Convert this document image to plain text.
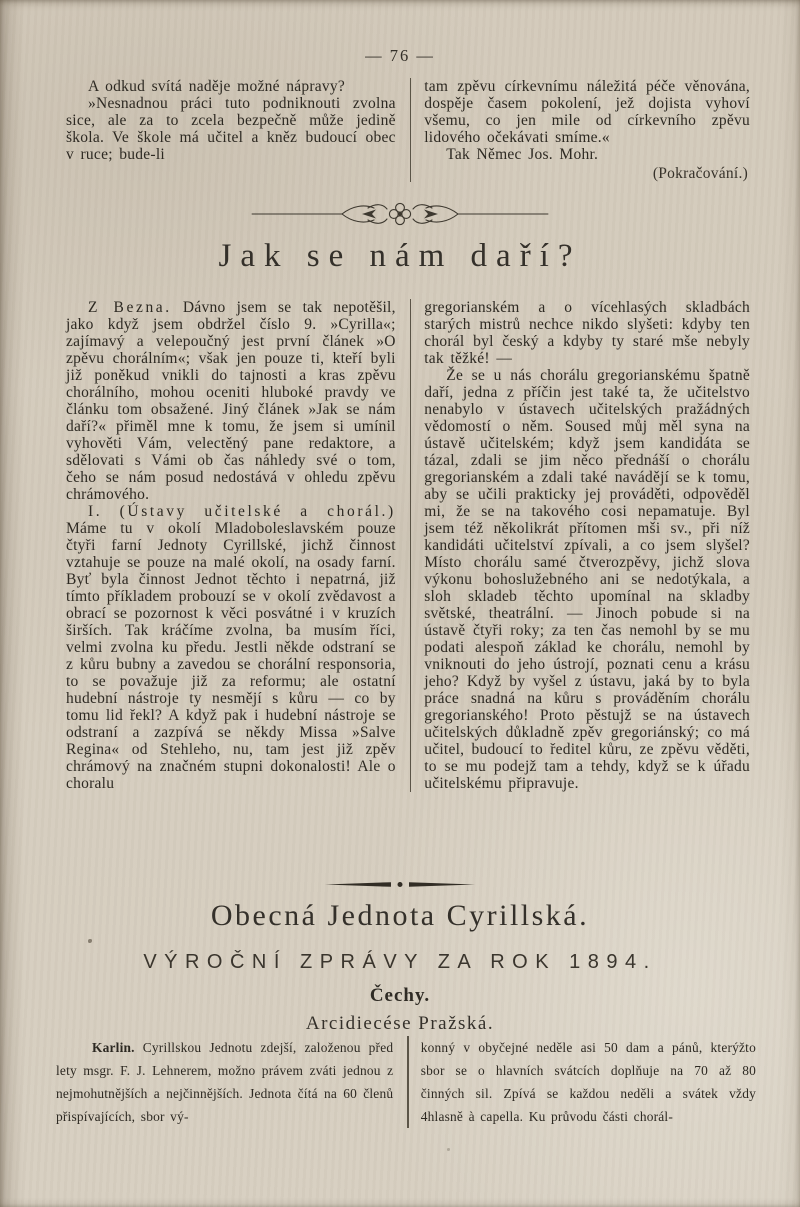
— 76 —

A odkud svítá naděje možné nápravy?

»Nesnadnou práci tuto podniknouti zvolna sice, ale za to zcela bezpečně může jedině škola. Ve škole má učitel a kněz budoucí obec v ruce; bude-li

tam zpěvu církevnímu náležitá péče věnována, dospěje časem pokolení, jež dojista vyhoví všemu, co jen mile od církevního zpěvu lidového očekávati smíme.«

Tak Němec Jos. Mohr.

(Pokračování.)

Jak se nám daří?

Z Bezna. Dávno jsem se tak nepotěšil, jako když jsem obdržel číslo 9. »Cyrilla«; zajímavý a velepoučný jest první článek »O zpěvu chorálním«; však jen pouze ti, kteří byli již poněkud vnikli do tajnosti a kras zpěvu chorálního, mohou oceniti hluboké pravdy ve článku tom obsažené. Jiný článek »Jak se nám daří?« přiměl mne k tomu, že jsem si umínil vyhověti Vám, velectěný pane redaktore, a sdělovati s Vámi ob čas náhledy své o tom, čeho se nám posud nedostává v ohledu zpěvu chrámového.

I. (Ústavy učitelské a chorál.) Máme tu v okolí Mladoboleslavském pouze čtyři farní Jednoty Cyrillské, jichž činnost vztahuje se pouze na malé okolí, na osady farní. Byť byla činnost Jednot těchto i nepatrná, již tímto příkladem probouzí se v okolí zvědavost a obrací se pozornost k věci posvátné i v kruzích širších. Tak kráčíme zvolna, ba musím říci, velmi zvolna ku předu. Jestli někde odstraní se z kůru bubny a zavedou se chorální responsoria, to se považuje již za reformu; ale ostatní hudební nástroje ty nesmějí s kůru — co by tomu lid řekl? A když pak i hudební nástroje se odstraní a zazpívá se někdy Missa »Salve Regina« od Stehleho, nu, tam jest již zpěv chrámový na značném stupni dokonalosti! Ale o choralu

gregorianském a o vícehlasých skladbách starých mistrů nechce nikdo slyšeti: kdyby ten chorál byl český a kdyby ty staré mše nebyly tak těžké! —

Že se u nás chorálu gregorianskému špatně daří, jedna z příčin jest také ta, že učitelstvo nenabylo v ústavech učitelských pražádných vědomostí o něm. Soused můj měl syna na ústavě učitelském; když jsem kandidáta se tázal, zdali se jim něco přednáší o chorálu gregorianském a zdali také navádějí se k tomu, aby se učili prakticky jej prováděti, odpověděl mi, že se na takového cosi nepamatuje. Byl jsem též několikrát přítomen mši sv., při níž kandidáti učitelství zpívali, a co jsem slyšel? Místo chorálu samé čtverozpěvy, jichž slova výkonu bohoslužebného ani se nedotýkala, a sloh skladeb těchto upomínal na skladby světské, theatrální. — Jinoch pobude si na ústavě čtyři roky; za ten čas nemohl by se mu podati alespoň základ ke chorálu, nemohl by vniknouti do jeho ústrojí, poznati cenu a krásu jeho? Když by vyšel z ústavu, jaká by to byla práce snadná na kůru s prováděním chorálu gregorianského! Proto pěstujž se na ústavech učitelských důkladně zpěv gregoriánský; co má učitel, budoucí to ředitel kůru, ze zpěvu věděti, to se mu podejž tam a tehdy, když se k úřadu učitelskému připravuje.

Obecná Jednota Cyrillská.
VÝROČNÍ ZPRÁVY ZA ROK 1894.
Čechy.
Arcidiecése Pražská.

Karlin. Cyrillskou Jednotu zdejší, založenou před lety msgr. F. J. Lehnerem, možno právem zváti jednou z nejmohutnějších a nejčinnějších. Jednota čítá na 60 členů přispívajících, sbor vý-

konný v obyčejné neděle asi 50 dam a pánů, kterýžto sbor se o hlavních svátcích doplňuje na 70 až 80 činných sil. Zpívá se každou neděli a svátek vždy 4hlasně à capella. Ku průvodu části chorál-
